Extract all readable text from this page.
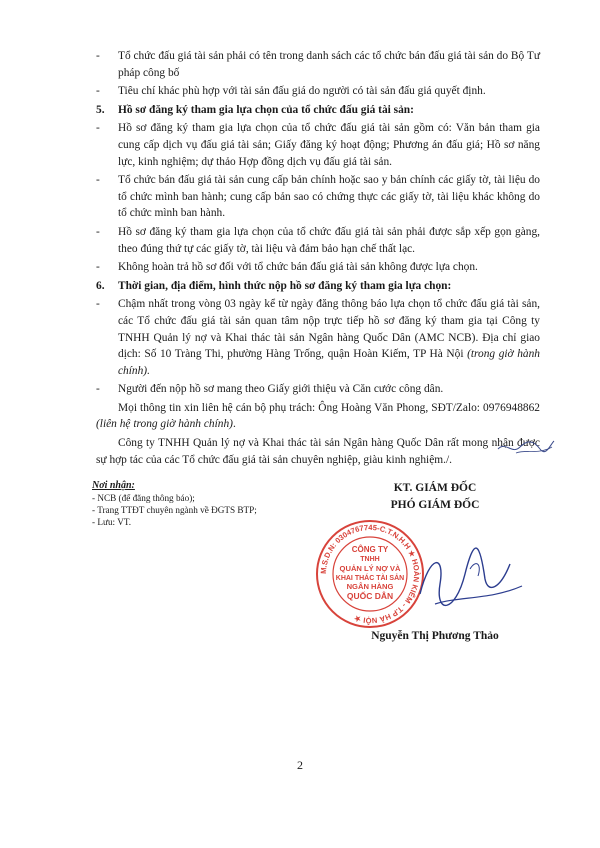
- Tổ chức đấu giá tài sản phải có tên trong danh sách các tổ chức bán đấu giá tài sản do Bộ Tư pháp công bố
- Tiêu chí khác phù hợp với tài sản đấu giá do người có tài sản đấu giá quyết định.
5. Hồ sơ đăng ký tham gia lựa chọn của tổ chức đấu giá tài sản:
- Hồ sơ đăng ký tham gia lựa chọn của tổ chức đấu giá tài sản gồm có: Văn bản tham gia cung cấp dịch vụ đấu giá tài sản; Giấy đăng ký hoạt động; Phương án đấu giá; Hồ sơ năng lực, kinh nghiệm; dự thảo Hợp đồng dịch vụ đấu giá tài sản.
- Tổ chức bán đấu giá tài sản cung cấp bản chính hoặc sao y bản chính các giấy tờ, tài liệu do tổ chức mình ban hành; cung cấp bản sao có chứng thực các giấy tờ, tài liệu khác không do tổ chức mình ban hành.
- Hồ sơ đăng ký tham gia lựa chọn của tổ chức đấu giá tài sản phải được sắp xếp gọn gàng, theo đúng thứ tự các giấy tờ, tài liệu và đảm bảo hạn chế thất lạc.
- Không hoàn trả hồ sơ đối với tổ chức bán đấu giá tài sản không được lựa chọn.
6. Thời gian, địa điểm, hình thức nộp hồ sơ đăng ký tham gia lựa chọn:
- Chậm nhất trong vòng 03 ngày kể từ ngày đăng thông báo lựa chọn tổ chức đấu giá tài sản, các Tổ chức đấu giá tài sản quan tâm nộp trực tiếp hồ sơ đăng ký tham gia tại Công ty TNHH Quản lý nợ và Khai thác tài sản Ngân hàng Quốc Dân (AMC NCB). Địa chỉ giao dịch: Số 10 Tràng Thi, phường Hàng Trống, quận Hoàn Kiếm, TP Hà Nội (trong giờ hành chính).
- Người đến nộp hồ sơ mang theo Giấy giới thiệu và Căn cước công dân.
Mọi thông tin xin liên hệ cán bộ phụ trách: Ông Hoàng Văn Phong, SĐT/Zalo: 0976948862 (liên hệ trong giờ hành chính).
Công ty TNHH Quản lý nợ và Khai thác tài sản Ngân hàng Quốc Dân rất mong nhận được sự hợp tác của các Tổ chức đấu giá tài sản chuyên nghiệp, giàu kinh nghiệm./.
Nơi nhận:
- NCB (để đăng thông báo);
- Trang TTĐT chuyên ngành về ĐGTS BTP;
- Lưu: VT.
KT. GIÁM ĐỐC
PHÓ GIÁM ĐỐC
M.S.D.N: 0304767745-C.T.N.H.H ★ HOÀN KIẾM - T.P HÀ NỘI ★
CÔNG TY
TNHH
QUẢN LÝ NỢ VÀ
KHAI THÁC TÀI SẢN
NGÂN HÀNG
QUỐC DÂN
Nguyễn Thị Phương Thảo
2
